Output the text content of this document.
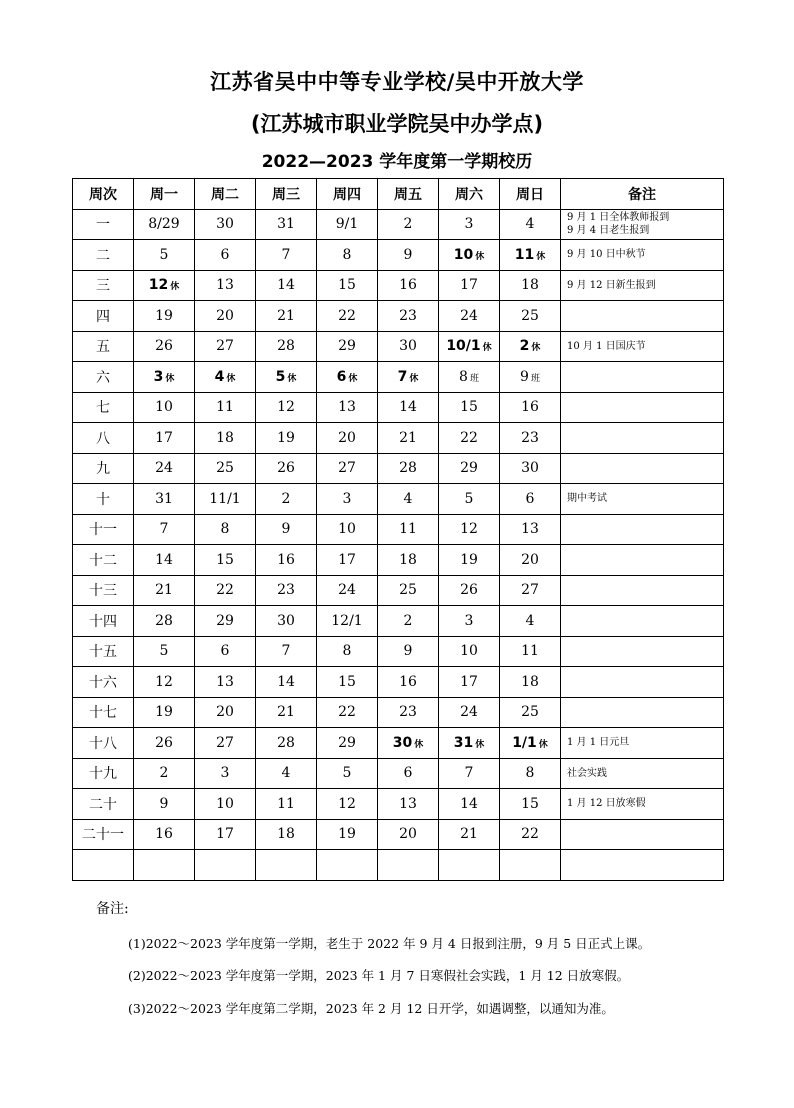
江苏省吴中中等专业学校/吴中开放大学
(江苏城市职业学院吴中办学点)
2022—2023 学年度第一学期校历
周次	周一	周二	周三	周四	周五	周六	周日	备注
一	8/29	30	31	9/1	2	3	4	9 月 1 日全体教师报到
9 月 4 日老生报到
二	5	6	7	8	9	10 休	11 休	9 月 10 日中秋节
三	12 休	13	14	15	16	17	18	9 月 12 日新生报到
四	19	20	21	22	23	24	25	
五	26	27	28	29	30	10/1 休	2 休	10 月 1 日国庆节
六	3 休	4 休	5 休	6 休	7 休	8 班	9 班	
七	10	11	12	13	14	15	16	
八	17	18	19	20	21	22	23	
九	24	25	26	27	28	29	30	
十	31	11/1	2	3	4	5	6	期中考试
十一	7	8	9	10	11	12	13	
十二	14	15	16	17	18	19	20	
十三	21	22	23	24	25	26	27	
十四	28	29	30	12/1	2	3	4	
十五	5	6	7	8	9	10	11	
十六	12	13	14	15	16	17	18	
十七	19	20	21	22	23	24	25	
十八	26	27	28	29	30 休	31 休	1/1 休	1 月 1 日元旦
十九	2	3	4	5	6	7	8	社会实践
二十	9	10	11	12	13	14	15	1 月 12 日放寒假
二十一	16	17	18	19	20	21	22	

备注:
(1)2022～2023 学年度第一学期，老生于 2022 年 9 月 4 日报到注册，9 月 5 日正式上课。
(2)2022～2023 学年度第一学期，2023 年 1 月 7 日寒假社会实践，1 月 12 日放寒假。
(3)2022～2023 学年度第二学期，2023 年 2 月 12 日开学，如遇调整，以通知为准。
